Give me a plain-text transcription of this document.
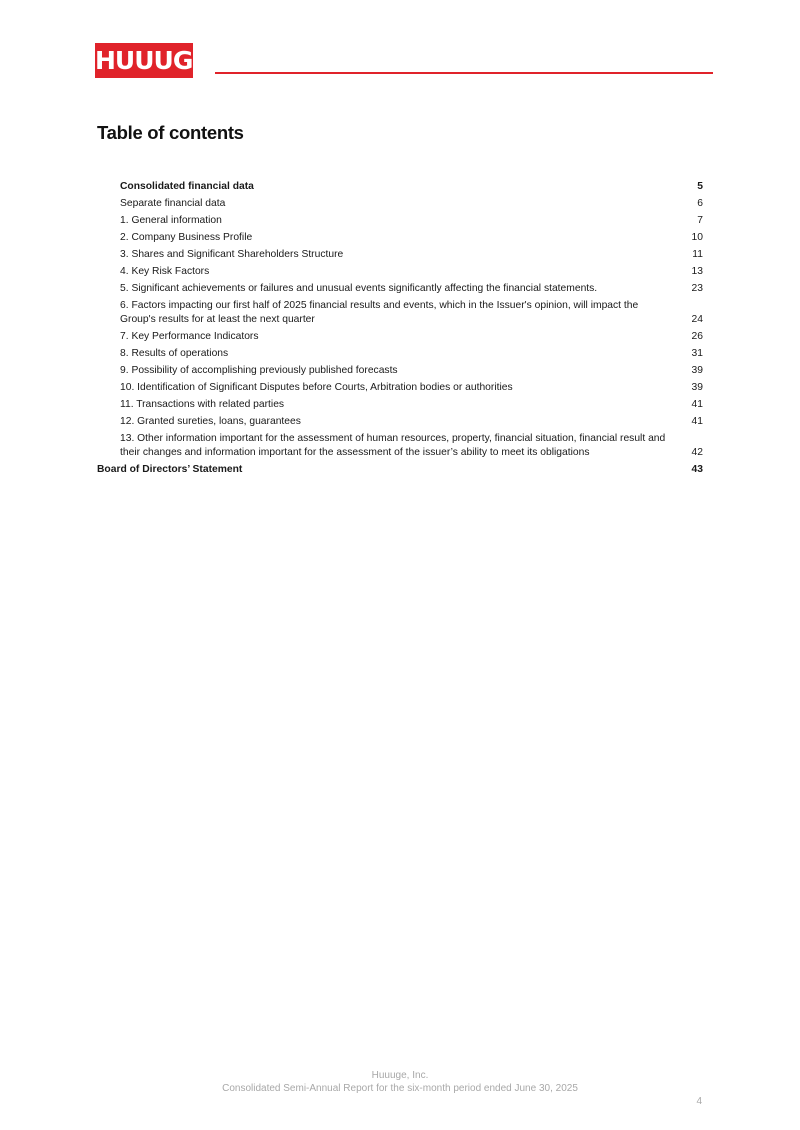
HUUUGE
Table of contents
Consolidated financial data	5
Separate financial data	6
1. General information	7
2. Company Business Profile	10
3. Shares and Significant Shareholders Structure	11
4. Key Risk Factors	13
5. Significant achievements or failures and unusual events significantly affecting the financial statements.	23
6. Factors impacting our first half of 2025 financial results and events, which in the Issuer's opinion, will impact the Group's results for at least the next quarter	24
7. Key Performance Indicators	26
8. Results of operations	31
9. Possibility of accomplishing previously published forecasts	39
10. Identification of Significant Disputes before Courts, Arbitration bodies or authorities	39
11. Transactions with related parties	41
12. Granted sureties, loans, guarantees	41
13. Other information important for the assessment of human resources, property, financial situation, financial result and their changes and information important for the assessment of the issuer’s ability to meet its obligations	42
Board of Directors’ Statement	43
Huuuge, Inc.
Consolidated Semi-Annual Report for the six-month period ended June 30, 2025
4
